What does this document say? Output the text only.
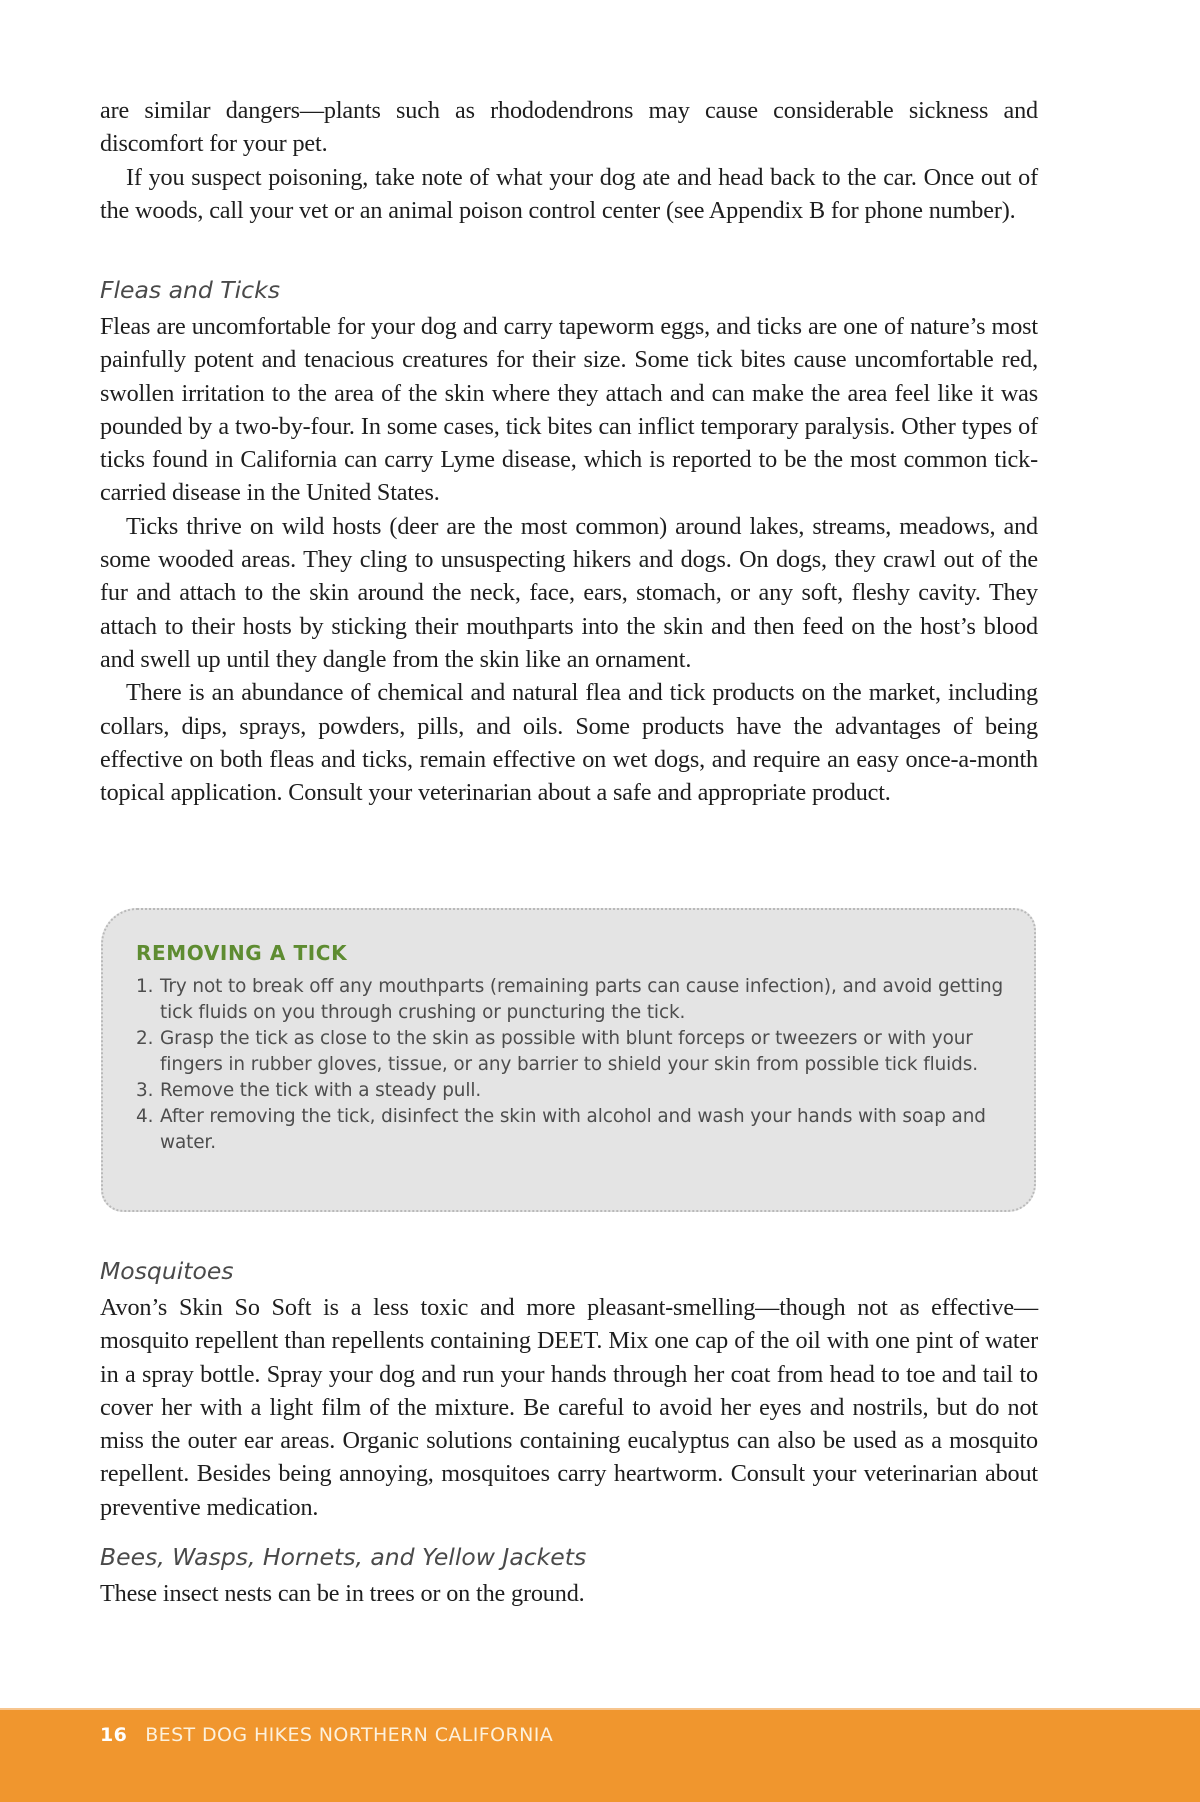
are similar dangers—plants such as rhododendrons may cause considerable sickness and discomfort for your pet.

If you suspect poisoning, take note of what your dog ate and head back to the car. Once out of the woods, call your vet or an animal poison control center (see Appendix B for phone number).

Fleas and Ticks

Fleas are uncomfortable for your dog and carry tapeworm eggs, and ticks are one of nature’s most painfully potent and tenacious creatures for their size. Some tick bites cause uncomfortable red, swollen irritation to the area of the skin where they attach and can make the area feel like it was pounded by a two-by-four. In some cases, tick bites can inflict temporary paralysis. Other types of ticks found in California can carry Lyme disease, which is reported to be the most common tick-carried disease in the United States.

Ticks thrive on wild hosts (deer are the most common) around lakes, streams, meadows, and some wooded areas. They cling to unsuspecting hikers and dogs. On dogs, they crawl out of the fur and attach to the skin around the neck, face, ears, stomach, or any soft, fleshy cavity. They attach to their hosts by sticking their mouthparts into the skin and then feed on the host’s blood and swell up until they dangle from the skin like an ornament.

There is an abundance of chemical and natural flea and tick products on the market, including collars, dips, sprays, powders, pills, and oils. Some products have the advantages of being effective on both fleas and ticks, remain effective on wet dogs, and require an easy once-a-month topical application. Consult your veterinarian about a safe and appropriate product.

REMOVING A TICK
1. Try not to break off any mouthparts (remaining parts can cause infection), and avoid getting tick fluids on you through crushing or puncturing the tick.
2. Grasp the tick as close to the skin as possible with blunt forceps or tweezers or with your fingers in rubber gloves, tissue, or any barrier to shield your skin from possible tick fluids.
3. Remove the tick with a steady pull.
4. After removing the tick, disinfect the skin with alcohol and wash your hands with soap and water.
Mosquitoes

Avon’s Skin So Soft is a less toxic and more pleasant-smelling—though not as effective—mosquito repellent than repellents containing DEET. Mix one cap of the oil with one pint of water in a spray bottle. Spray your dog and run your hands through her coat from head to toe and tail to cover her with a light film of the mixture. Be careful to avoid her eyes and nostrils, but do not miss the outer ear areas. Organic solutions containing eucalyptus can also be used as a mosquito repellent. Besides being annoying, mosquitoes carry heartworm. Consult your veterinarian about preventive medication.

Bees, Wasps, Hornets, and Yellow Jackets

These insect nests can be in trees or on the ground.

16 BEST DOG HIKES NORTHERN CALIFORNIA
